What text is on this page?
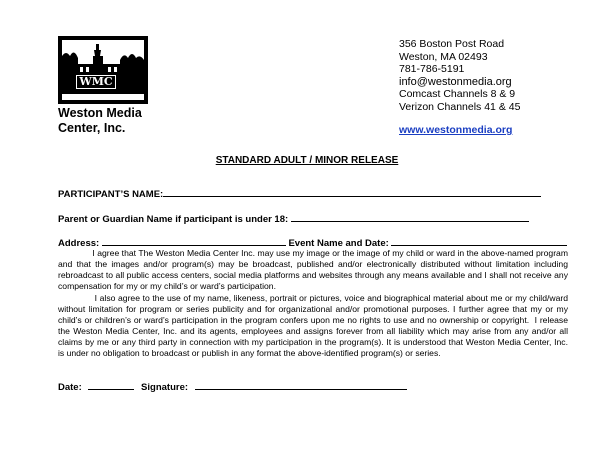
WMC
Weston Media
Center, Inc.
356 Boston Post Road
Weston, MA 02493
781-786-5191
info@westonmedia.org
Comcast Channels 8 & 9
Verizon Channels 41 & 45
www.westonmedia.org
STANDARD ADULT / MINOR RELEASE
PARTICIPANT’S NAME:
Parent or Guardian Name if participant is under 18:
Address:	Event Name and Date:
I agree that The Weston Media Center Inc. may use my image or the image of my child or ward in the above-named program and that the images and/or program(s) may be broadcast, published and/or electronically distributed without limitation including rebroadcast to all public access centers, social media platforms and websites through any means available and I shall not receive any compensation for my or my child’s or ward’s participation.
I also agree to the use of my name, likeness, portrait or pictures, voice and biographical material about me or my child/ward without limitation for program or series publicity and for organizational and/or promotional purposes. I further agree that my or my child’s or children’s or ward’s participation in the program confers upon me no rights to use and no ownership or copyright.  I release the Weston Media Center, Inc. and its agents, employees and assigns forever from all liability which may arise from any and/or all claims by me or any third party in connection with my participation in the program(s). It is understood that Weston Media Center, Inc. is under no obligation to broadcast or publish in any format the above-identified program(s) or series.
Date:	Signature:
